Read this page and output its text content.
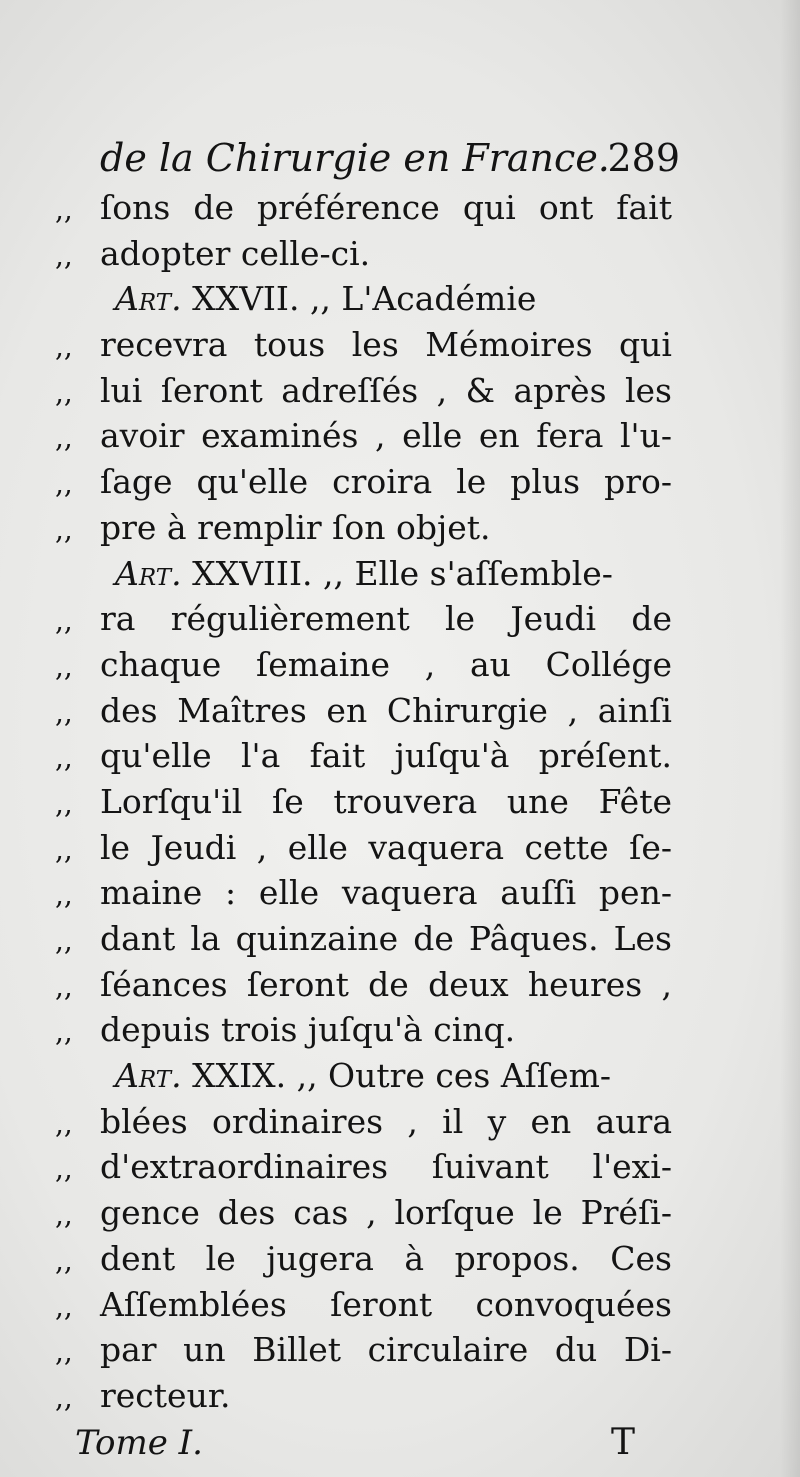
de la Chirurgie en France.
289
,, ſons de préférence qui ont fait
,, adopter celle-ci.
Art. XXVII. ,, L'Académie
,, recevra tous les Mémoires qui
,, lui ſeront adreſſés , & après les
,, avoir examinés , elle en fera l'u-
,, ſage qu'elle croira le plus pro-
,, pre à remplir ſon objet.
Art. XXVIII. ,, Elle s'aſſemble-
,, ra régulièrement le Jeudi de
,, chaque ſemaine , au Collége
,, des Maîtres en Chirurgie , ainſi
,, qu'elle l'a fait juſqu'à préſent.
,, Lorſqu'il ſe trouvera une Fête
,, le Jeudi , elle vaquera cette ſe-
,, maine : elle vaquera auſſi pen-
,, dant la quinzaine de Pâques. Les
,, ſéances ſeront de deux heures ,
,, depuis trois juſqu'à cinq.
Art. XXIX. ,, Outre ces Aſſem-
,, blées ordinaires , il y en aura
,, d'extraordinaires ſuivant l'exi-
,, gence des cas , lorſque le Préſi-
,, dent le jugera à propos. Ces
,, Aſſemblées ſeront convoquées
,, par un Billet circulaire du Di-
,, recteur.
Tome I.	T
